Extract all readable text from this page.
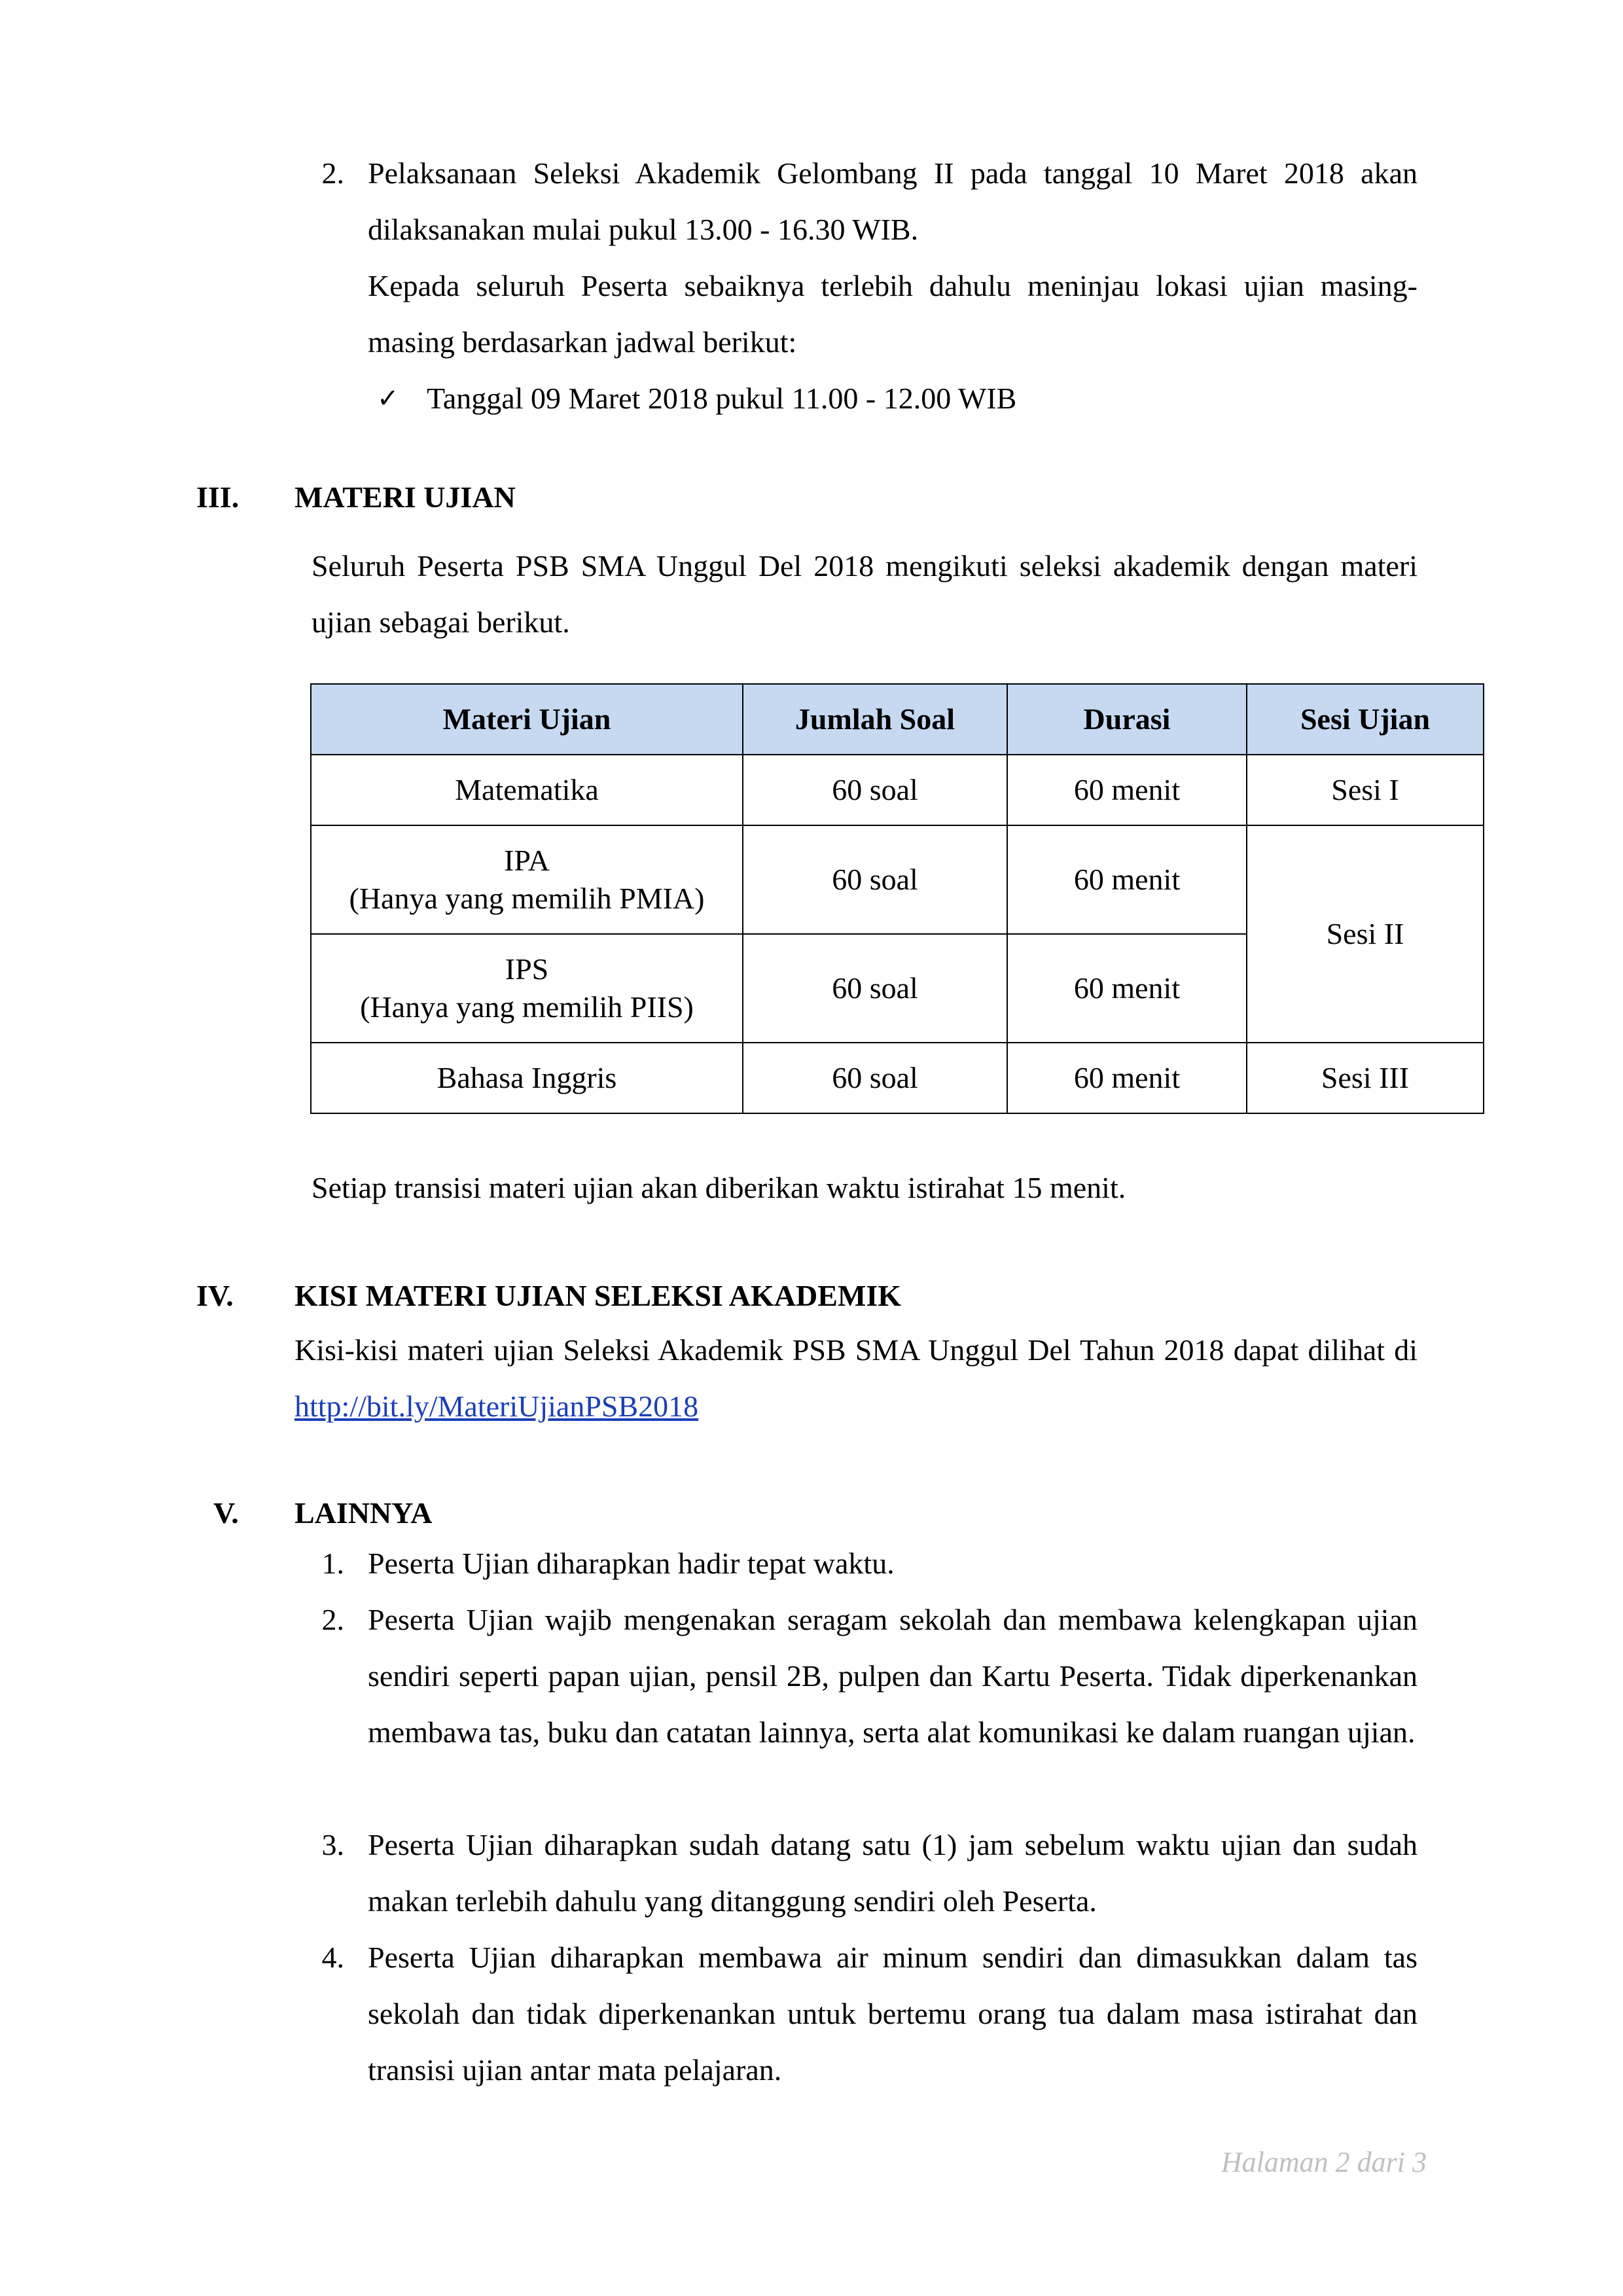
2. Pelaksanaan Seleksi Akademik Gelombang II pada tanggal 10 Maret 2018 akan dilaksanakan mulai pukul 13.00 - 16.30 WIB.
Kepada seluruh Peserta sebaiknya terlebih dahulu meninjau lokasi ujian masing-masing berdasarkan jadwal berikut:
✓ Tanggal 09 Maret 2018 pukul 11.00 - 12.00 WIB
III. MATERI UJIAN
Seluruh Peserta PSB SMA Unggul Del 2018 mengikuti seleksi akademik dengan materi ujian sebagai berikut.
Materi Ujian	Jumlah Soal	Durasi	Sesi Ujian
Matematika	60 soal	60 menit	Sesi I

IPA
(Hanya yang memilih PMIA)	60 soal	60 menit	Sesi II

IPS
(Hanya yang memilih PIIS)	60 soal	60 menit	
Bahasa Inggris	60 soal	60 menit	Sesi III
Setiap transisi materi ujian akan diberikan waktu istirahat 15 menit.
IV. KISI MATERI UJIAN SELEKSI AKADEMIK
Kisi-kisi materi ujian Seleksi Akademik PSB SMA Unggul Del Tahun 2018 dapat dilihat di http://bit.ly/MateriUjianPSB2018
V. LAINNYA
1. Peserta Ujian diharapkan hadir tepat waktu.
2. Peserta Ujian wajib mengenakan seragam sekolah dan membawa kelengkapan ujian sendiri seperti papan ujian, pensil 2B, pulpen dan Kartu Peserta. Tidak diperkenankan membawa tas, buku dan catatan lainnya, serta alat komunikasi ke dalam ruangan ujian.
3. Peserta Ujian diharapkan sudah datang satu (1) jam sebelum waktu ujian dan sudah makan terlebih dahulu yang ditanggung sendiri oleh Peserta.
4. Peserta Ujian diharapkan membawa air minum sendiri dan dimasukkan dalam tas sekolah dan tidak diperkenankan untuk bertemu orang tua dalam masa istirahat dan transisi ujian antar mata pelajaran.
Halaman 2 dari 3
